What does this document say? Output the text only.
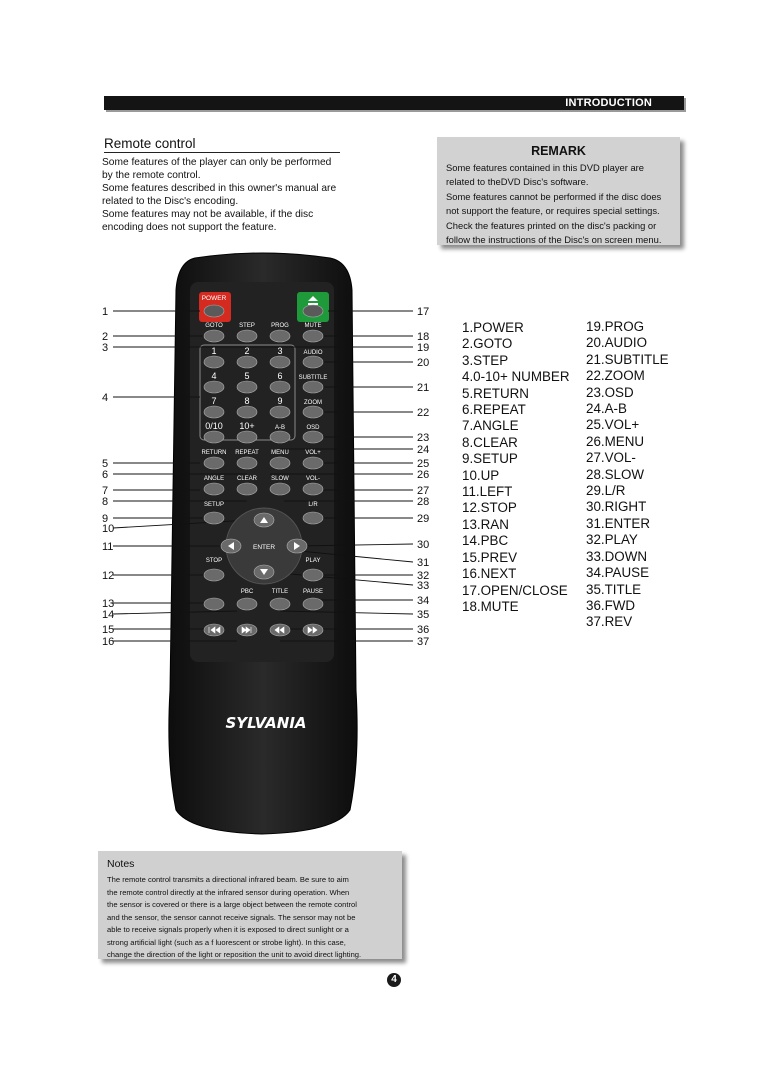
INTRODUCTION
Remote control
Some features of the player can only be performed
by the remote control.
Some features described in this owner's manual are
related to the Disc's encoding.
Some features may not be available, if the disc
encoding does not support the feature.
REMARK
Some features contained in this DVD player are
related to theDVD Disc's software.
Some features cannot be performed if the disc does
not support the feature, or requires special settings.
Check the features printed on the disc's packing or
follow the instructions of the Disc's on screen menu.
POWER
GOTO	STEP	PROG	MUTE
1	2	3	AUDIO
4	5	6	SUBTITLE
7	8	9	ZOOM
0/10 10+	A-B	OSD
RETURN REPEAT MENU	VOL+
ANGLE CLEAR SLOW	VOL-
SETUP	L/R
STOP	PLAY
PBC	TITLE PAUSE
ENTER
1
2
3
4
5
6
7
8
9
10
11
12
13
14
15
16
17
18
19
20
21
22
23
24
25
26
27
28
29
30
31
32
33
34
35
36
37
SYLVANIA
1.POWER
2.GOTO
3.STEP
4.0-10+ NUMBER
5.RETURN
6.REPEAT
7.ANGLE
8.CLEAR
9.SETUP
10.UP
11.LEFT
12.STOP
13.RAN
14.PBC
15.PREV
16.NEXT
17.OPEN/CLOSE
18.MUTE
19.PROG
20.AUDIO
21.SUBTITLE
22.ZOOM
23.OSD
24.A-B
25.VOL+
26.MENU
27.VOL-
28.SLOW
29.L/R
30.RIGHT
31.ENTER
32.PLAY
33.DOWN
34.PAUSE
35.TITLE
36.FWD
37.REV
Notes
The remote control transmits a directional infrared beam. Be sure to aim
the remote control directly at the infrared sensor during operation. When
the sensor is covered or there is a large object between the remote control
and the sensor, the sensor cannot receive signals. The sensor may not be
able to receive signals properly when it is exposed to direct sunlight or a
strong artificial light (such as a f luorescent or strobe light). In this case,
change the direction of the light or reposition the unit to avoid direct lighting.
4
